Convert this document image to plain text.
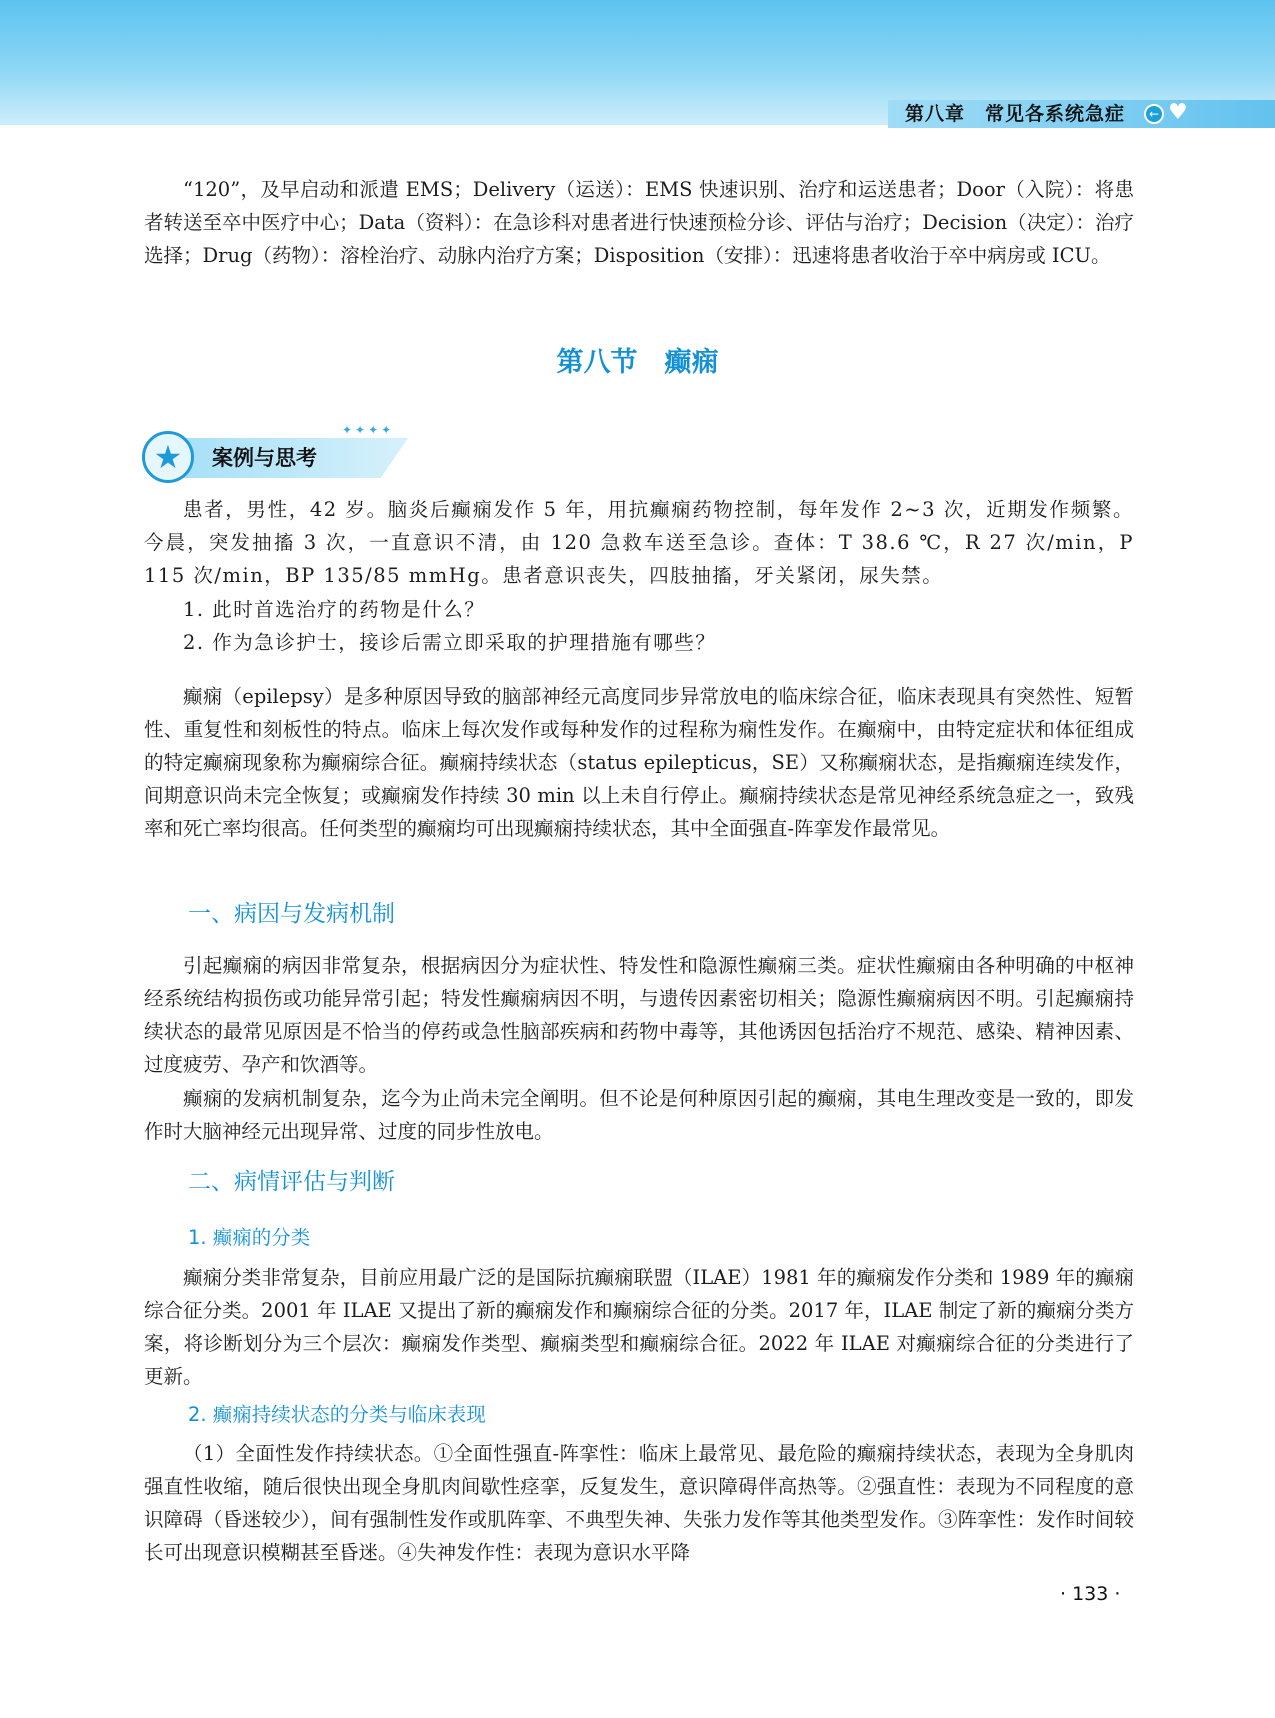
第八章　常见各系统急症	← ♥

“120”，及早启动和派遣 EMS；Delivery（运送）：EMS 快速识别、治疗和运送患者；Door（入院）：将患者转送至卒中医疗中心；Data（资料）：在急诊科对患者进行快速预检分诊、评估与治疗；Decision（决定）：治疗选择；Drug（药物）：溶栓治疗、动脉内治疗方案；Disposition（安排）：迅速将患者收治于卒中病房或 ICU。

第八节　癫痫
★	案例与思考
✦✦✦✦

患者，男性，42 岁。脑炎后癫痫发作 5 年，用抗癫痫药物控制，每年发作 2~3 次，近期发作频繁。今晨，突发抽搐 3 次，一直意识不清，由 120 急救车送至急诊。查体：T 38.6 ℃，R 27 次/min，P 115 次/min，BP 135/85 mmHg。患者意识丧失，四肢抽搐，牙关紧闭，尿失禁。

1. 此时首选治疗的药物是什么？

2. 作为急诊护士，接诊后需立即采取的护理措施有哪些？

癫痫（epilepsy）是多种原因导致的脑部神经元高度同步异常放电的临床综合征，临床表现具有突然性、短暂性、重复性和刻板性的特点。临床上每次发作或每种发作的过程称为痫性发作。在癫痫中，由特定症状和体征组成的特定癫痫现象称为癫痫综合征。癫痫持续状态（status epilepticus，SE）又称癫痫状态，是指癫痫连续发作，间期意识尚未完全恢复；或癫痫发作持续 30 min 以上未自行停止。癫痫持续状态是常见神经系统急症之一，致残率和死亡率均很高。任何类型的癫痫均可出现癫痫持续状态，其中全面强直-阵挛发作最常见。

一、病因与发病机制

引起癫痫的病因非常复杂，根据病因分为症状性、特发性和隐源性癫痫三类。症状性癫痫由各种明确的中枢神经系统结构损伤或功能异常引起；特发性癫痫病因不明，与遗传因素密切相关；隐源性癫痫病因不明。引起癫痫持续状态的最常见原因是不恰当的停药或急性脑部疾病和药物中毒等，其他诱因包括治疗不规范、感染、精神因素、过度疲劳、孕产和饮酒等。

癫痫的发病机制复杂，迄今为止尚未完全阐明。但不论是何种原因引起的癫痫，其电生理改变是一致的，即发作时大脑神经元出现异常、过度的同步性放电。

二、病情评估与判断
1. 癫痫的分类

癫痫分类非常复杂，目前应用最广泛的是国际抗癫痫联盟（ILAE）1981 年的癫痫发作分类和 1989 年的癫痫综合征分类。2001 年 ILAE 又提出了新的癫痫发作和癫痫综合征的分类。2017 年，ILAE 制定了新的癫痫分类方案，将诊断划分为三个层次：癫痫发作类型、癫痫类型和癫痫综合征。2022 年 ILAE 对癫痫综合征的分类进行了更新。

2. 癫痫持续状态的分类与临床表现

（1）全面性发作持续状态。①全面性强直-阵挛性：临床上最常见、最危险的癫痫持续状态，表现为全身肌肉强直性收缩，随后很快出现全身肌肉间歇性痉挛，反复发生，意识障碍伴高热等。②强直性：表现为不同程度的意识障碍（昏迷较少），间有强制性发作或肌阵挛、不典型失神、失张力发作等其他类型发作。③阵挛性：发作时间较长可出现意识模糊甚至昏迷。④失神发作性：表现为意识水平降

· 133 ·
